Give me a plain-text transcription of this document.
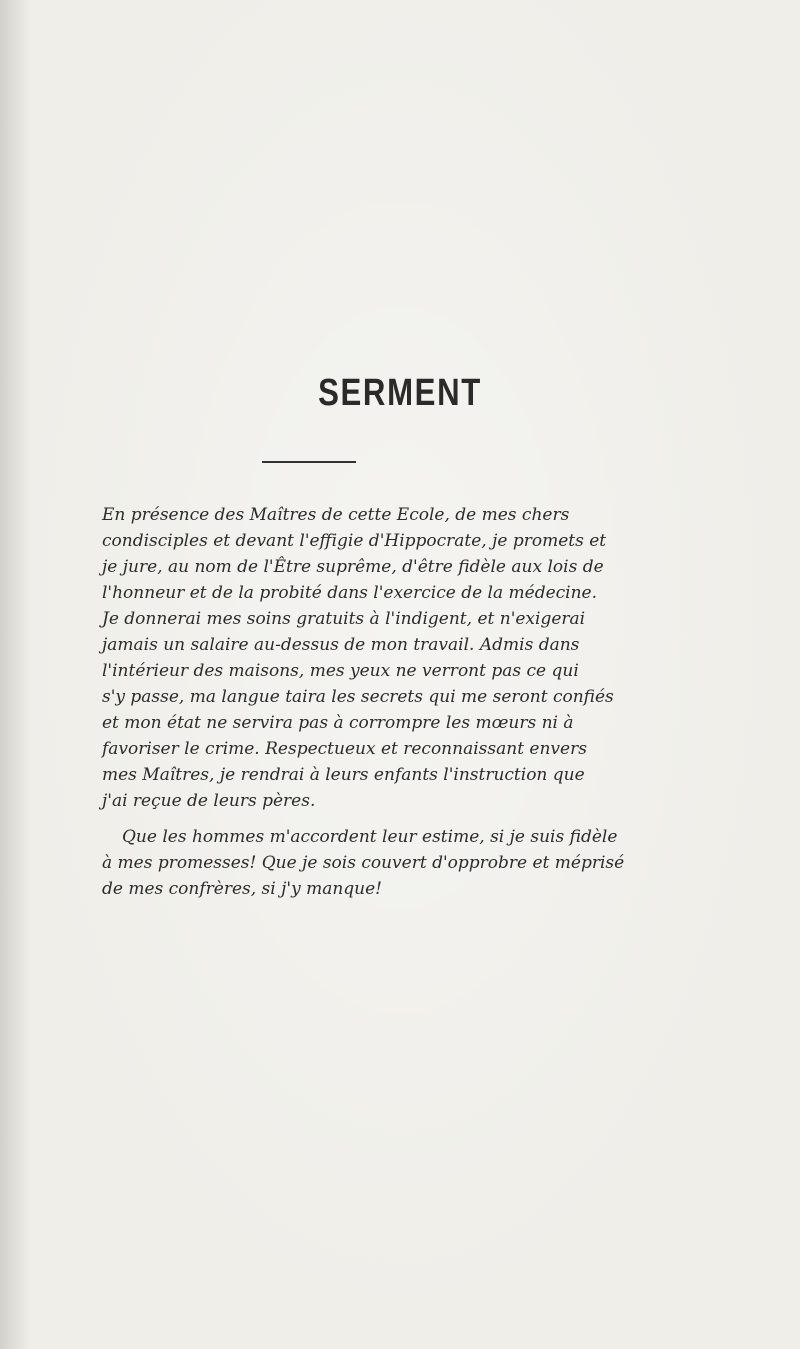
SERMENT
En présence des Maîtres de cette Ecole, de mes chers
condisciples et devant l'effigie d'Hippocrate, je promets et
je jure, au nom de l'Être suprême, d'être fidèle aux lois de
l'honneur et de la probité dans l'exercice de la médecine.
Je donnerai mes soins gratuits à l'indigent, et n'exigerai
jamais un salaire au-dessus de mon travail. Admis dans
l'intérieur des maisons, mes yeux ne verront pas ce qui
s'y passe, ma langue taira les secrets qui me seront confiés
et mon état ne servira pas à corrompre les mœurs ni à
favoriser le crime. Respectueux et reconnaissant envers
mes Maîtres, je rendrai à leurs enfants l'instruction que
j'ai reçue de leurs pères.
Que les hommes m'accordent leur estime, si je suis fidèle
à mes promesses! Que je sois couvert d'opprobre et méprisé
de mes confrères, si j'y manque!
